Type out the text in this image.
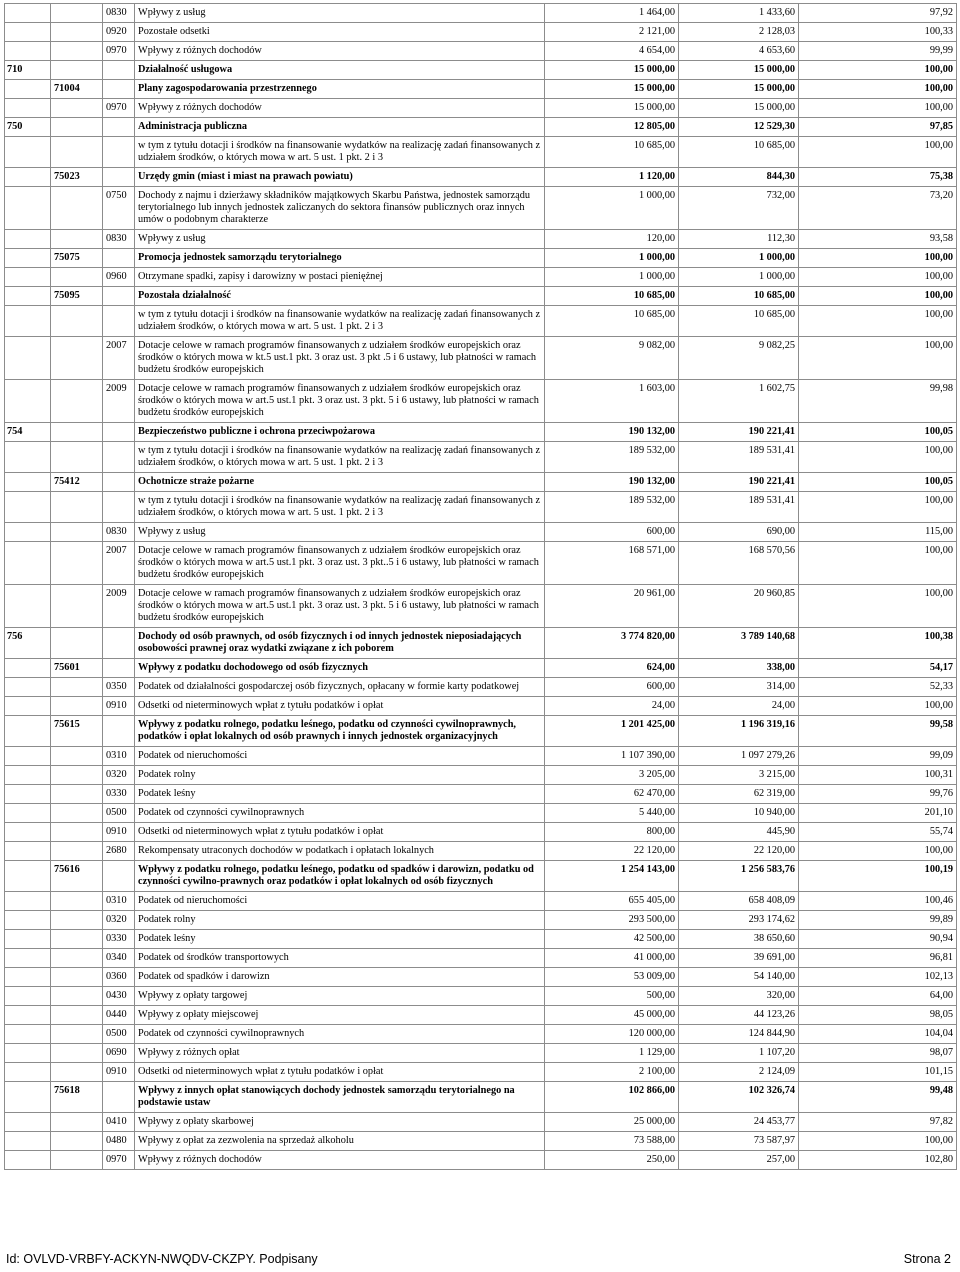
		0830	Wpływy z usług	1 464,00	1 433,60	97,92
		0920	Pozostałe odsetki	2 121,00	2 128,03	100,33
		0970	Wpływy z różnych dochodów	4 654,00	4 653,60	99,99
710			Działalność usługowa	15 000,00	15 000,00	100,00
	71004		Plany zagospodarowania przestrzennego	15 000,00	15 000,00	100,00
		0970	Wpływy z różnych dochodów	15 000,00	15 000,00	100,00
750			Administracja publiczna	12 805,00	12 529,30	97,85
			w tym z tytułu dotacji i środków na finansowanie wydatków na realizację zadań finansowanych z udziałem środków, o których mowa w art. 5 ust. 1 pkt. 2 i 3	10 685,00	10 685,00	100,00
	75023		Urzędy gmin (miast i miast na prawach powiatu)	1 120,00	844,30	75,38
		0750	Dochody z najmu i dzierżawy składników majątkowych Skarbu Państwa, jednostek samorządu terytorialnego lub innych jednostek zaliczanych do sektora finansów publicznych oraz innych umów o podobnym charakterze	1 000,00	732,00	73,20
		0830	Wpływy z usług	120,00	112,30	93,58
	75075		Promocja jednostek samorządu terytorialnego	1 000,00	1 000,00	100,00
		0960	Otrzymane spadki, zapisy i darowizny w postaci pieniężnej	1 000,00	1 000,00	100,00
	75095		Pozostała działalność	10 685,00	10 685,00	100,00
			w tym z tytułu dotacji i środków na finansowanie wydatków na realizację zadań finansowanych z udziałem środków, o których mowa w art. 5 ust. 1 pkt. 2 i 3	10 685,00	10 685,00	100,00
		2007	Dotacje celowe w ramach programów finansowanych z udziałem środków europejskich oraz środków o których mowa w kt.5 ust.1 pkt. 3 oraz ust. 3 pkt .5 i 6 ustawy, lub płatności w ramach budżetu środków europejskich	9 082,00	9 082,25	100,00
		2009	Dotacje celowe w ramach programów finansowanych z udziałem środków europejskich oraz środków o których mowa w art.5 ust.1 pkt. 3 oraz ust. 3 pkt. 5 i 6 ustawy, lub płatności w ramach budżetu środków europejskich	1 603,00	1 602,75	99,98
754			Bezpieczeństwo publiczne i ochrona przeciwpożarowa	190 132,00	190 221,41	100,05
			w tym z tytułu dotacji i środków na finansowanie wydatków na realizację zadań finansowanych z udziałem środków, o których mowa w art. 5 ust. 1 pkt. 2 i 3	189 532,00	189 531,41	100,00
	75412		Ochotnicze straże pożarne	190 132,00	190 221,41	100,05
			w tym z tytułu dotacji i środków na finansowanie wydatków na realizację zadań finansowanych z udziałem środków, o których mowa w art. 5 ust. 1 pkt. 2 i 3	189 532,00	189 531,41	100,00
		0830	Wpływy z usług	600,00	690,00	115,00
		2007	Dotacje celowe w ramach programów finansowanych z udziałem środków europejskich oraz środków o których mowa w art.5 ust.1 pkt. 3 oraz ust. 3 pkt..5 i 6 ustawy, lub płatności w ramach budżetu środków europejskich	168 571,00	168 570,56	100,00
		2009	Dotacje celowe w ramach programów finansowanych z udziałem środków europejskich oraz środków o których mowa w art.5 ust.1 pkt. 3 oraz ust. 3 pkt. 5 i 6 ustawy, lub płatności w ramach budżetu środków europejskich	20 961,00	20 960,85	100,00
756			Dochody od osób prawnych, od osób fizycznych i od innych jednostek nieposiadających osobowości prawnej oraz wydatki związane z ich poborem	3 774 820,00	3 789 140,68	100,38
	75601		Wpływy z podatku dochodowego od osób fizycznych	624,00	338,00	54,17
		0350	Podatek od działalności gospodarczej osób fizycznych, opłacany w formie karty podatkowej	600,00	314,00	52,33
		0910	Odsetki od nieterminowych wpłat z tytułu podatków i opłat	24,00	24,00	100,00
	75615		Wpływy z podatku rolnego, podatku leśnego, podatku od czynności cywilnoprawnych, podatków i opłat lokalnych od osób prawnych i innych jednostek organizacyjnych	1 201 425,00	1 196 319,16	99,58
		0310	Podatek od nieruchomości	1 107 390,00	1 097 279,26	99,09
		0320	Podatek rolny	3 205,00	3 215,00	100,31
		0330	Podatek leśny	62 470,00	62 319,00	99,76
		0500	Podatek od czynności cywilnoprawnych	5 440,00	10 940,00	201,10
		0910	Odsetki od nieterminowych wpłat z tytułu podatków i opłat	800,00	445,90	55,74
		2680	Rekompensaty utraconych dochodów w podatkach i opłatach lokalnych	22 120,00	22 120,00	100,00
	75616		Wpływy z podatku rolnego, podatku leśnego, podatku od spadków i darowizn, podatku od czynności cywilno-prawnych oraz podatków i opłat lokalnych od osób fizycznych	1 254 143,00	1 256 583,76	100,19
		0310	Podatek od nieruchomości	655 405,00	658 408,09	100,46
		0320	Podatek rolny	293 500,00	293 174,62	99,89
		0330	Podatek leśny	42 500,00	38 650,60	90,94
		0340	Podatek od środków transportowych	41 000,00	39 691,00	96,81
		0360	Podatek od spadków i darowizn	53 009,00	54 140,00	102,13
		0430	Wpływy z opłaty targowej	500,00	320,00	64,00
		0440	Wpływy z opłaty miejscowej	45 000,00	44 123,26	98,05
		0500	Podatek od czynności cywilnoprawnych	120 000,00	124 844,90	104,04
		0690	Wpływy z różnych opłat	1 129,00	1 107,20	98,07
		0910	Odsetki od nieterminowych wpłat z tytułu podatków i opłat	2 100,00	2 124,09	101,15
	75618		Wpływy z innych opłat stanowiących dochody jednostek samorządu terytorialnego na podstawie ustaw	102 866,00	102 326,74	99,48
		0410	Wpływy z opłaty skarbowej	25 000,00	24 453,77	97,82
		0480	Wpływy z opłat za zezwolenia na sprzedaż alkoholu	73 588,00	73 587,97	100,00
		0970	Wpływy z różnych dochodów	250,00	257,00	102,80
Id: OVLVD-VRBFY-ACKYN-NWQDV-CKZPY. Podpisany	Strona 2
